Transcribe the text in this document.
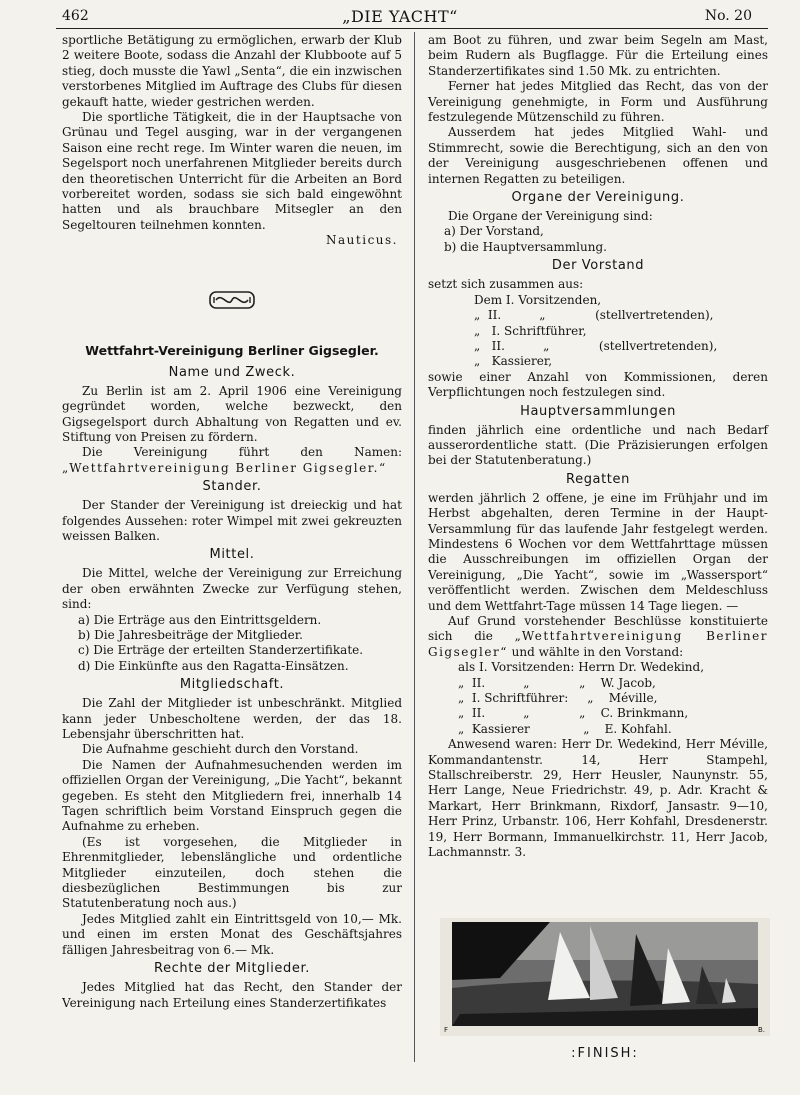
462	„DIE YACHT“	No. 20

sportliche Betätigung zu ermöglichen, erwarb der Klub 2 weitere Boote, sodass die Anzahl der Klubboote auf 5 stieg, doch musste die Yawl „Senta“, die ein inzwischen verstorbenes Mitglied im Auftrage des Clubs für diesen gekauft hatte, wieder gestrichen werden.

Die sportliche Tätigkeit, die in der Hauptsache von Grünau und Tegel ausging, war in der vergangenen Saison eine recht rege. Im Winter waren die neuen, im Segelsport noch unerfahrenen Mitglieder bereits durch den theoretischen Unterricht für die Arbeiten an Bord vorbereitet worden, sodass sie sich bald eingewöhnt hatten und als brauchbare Mitsegler an den Segeltouren teilnehmen konnten.

Nauticus.

Wettfahrt-Vereinigung Berliner Gigsegler.
Name und Zweck.

Zu Berlin ist am 2. April 1906 eine Vereinigung gegründet worden, welche bezweckt, den Gigsegelsport durch Abhaltung von Regatten und ev. Stiftung von Preisen zu fördern.

Die Vereinigung führt den Namen: „Wettfahrtvereinigung Berliner Gigsegler.“

Stander.

Der Stander der Vereinigung ist dreieckig und hat folgendes Aussehen: roter Wimpel mit zwei gekreuzten weissen Balken.

Mittel.

Die Mittel, welche der Vereinigung zur Erreichung der oben erwähnten Zwecke zur Verfügung stehen, sind:

a) Die Erträge aus den Eintrittsgeldern.

b) Die Jahresbeiträge der Mitglieder.

c) Die Erträge der erteilten Standerzertifikate.

d) Die Einkünfte aus den Ragatta-Einsätzen.

Mitgliedschaft.

Die Zahl der Mitglieder ist unbeschränkt. Mitglied kann jeder Unbescholtene werden, der das 18. Lebensjahr überschritten hat.

Die Aufnahme geschieht durch den Vorstand.

Die Namen der Aufnahmesuchenden werden im offiziellen Organ der Vereinigung, „Die Yacht“, bekannt gegeben. Es steht den Mitgliedern frei, innerhalb 14 Tagen schriftlich beim Vorstand Einspruch gegen die Aufnahme zu erheben.

(Es ist vorgesehen, die Mitglieder in Ehrenmitglieder, lebenslängliche und ordentliche Mitglieder einzuteilen, doch stehen die diesbezüglichen Bestimmungen bis zur Statutenberatung noch aus.)

Jedes Mitglied zahlt ein Eintrittsgeld von 10,— Mk. und einen im ersten Monat des Geschäftsjahres fälligen Jahresbeitrag von 6.— Mk.

Rechte der Mitglieder.

Jedes Mitglied hat das Recht, den Stander der Vereinigung nach Erteilung eines Standerzertifikates

am Boot zu führen, und zwar beim Segeln am Mast, beim Rudern als Bugflagge. Für die Erteilung eines Standerzertifikates sind 1.50 Mk. zu entrichten.

Ferner hat jedes Mitglied das Recht, das von der Vereinigung genehmigte, in Form und Ausführung festzulegende Mützenschild zu führen.

Ausserdem hat jedes Mitglied Wahl- und Stimmrecht, sowie die Berechtigung, sich an den von der Vereinigung ausgeschriebenen offenen und internen Regatten zu beteiligen.

Organe der Vereinigung.

Die Organe der Vereinigung sind:

a) Der Vorstand,

b) die Hauptversammlung.

Der Vorstand

setzt sich zusammen aus:

Dem I. Vorsitzenden,

„  II.          „             (stellvertretenden),

„   I. Schriftführer,

„   II.          „             (stellvertretenden),

„   Kassierer,

sowie einer Anzahl von Kommissionen, deren Verpflichtungen noch festzulegen sind.

Hauptversammlungen

finden jährlich eine ordentliche und nach Bedarf ausserordentliche statt. (Die Präzisierungen erfolgen bei der Statutenberatung.)

Regatten

werden jährlich 2 offene, je eine im Frühjahr und im Herbst abgehalten, deren Termine in der Haupt-Versammlung für das laufende Jahr festgelegt werden. Mindestens 6 Wochen vor dem Wettfahrttage müssen die Ausschreibungen im offiziellen Organ der Vereinigung, „Die Yacht“, sowie im „Wassersport“ veröffentlicht werden. Zwischen dem Meldeschluss und dem Wettfahrt-Tage müssen 14 Tage liegen. —

Auf Grund vorstehender Beschlüsse konstituierte sich die „Wettfahrtvereinigung Berliner Gigsegler“ und wählte in den Vorstand:

als I. Vorsitzenden: Herrn Dr. Wedekind,

„  II.          „             „    W. Jacob,

„  I. Schriftführer:     „    Méville,

„  II.          „             „    C. Brinkmann,

„  Kassierer              „    E. Kohfahl.

Anwesend waren: Herr Dr. Wedekind, Herr Méville, Kommandantenstr. 14, Herr Stampehl, Stallschreiberstr. 29, Herr Heusler, Naunynstr. 55, Herr Lange, Neue Friedrichstr. 49, p. Adr. Kracht & Markart, Herr Brinkmann, Rixdorf, Jansastr. 9—10, Herr Prinz, Urbanstr. 106, Herr Kohfahl, Dresdenerstr. 19, Herr Bormann, Immanuelkirchstr. 11, Herr Jacob, Lachmannstr. 3.

F	B.
:FINISH:
